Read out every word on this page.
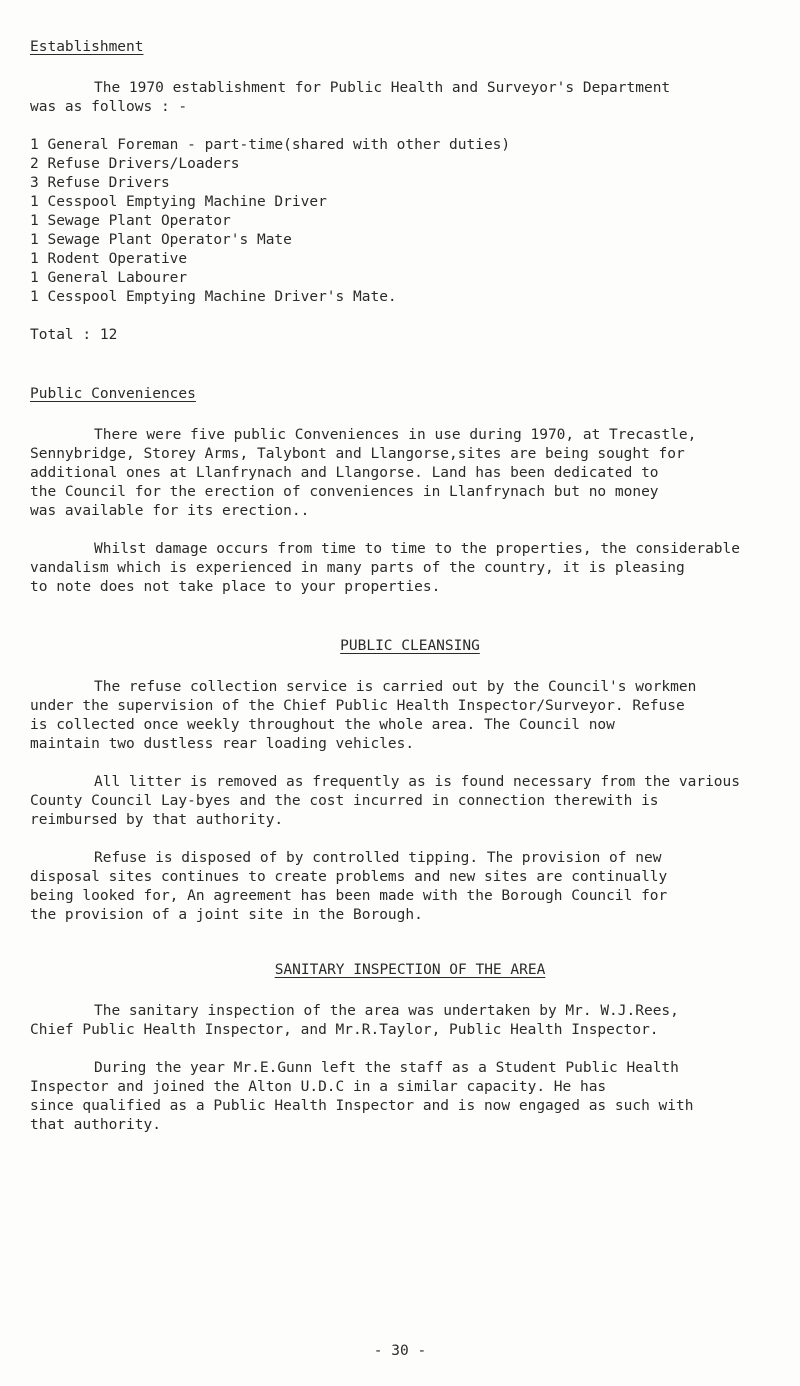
Establishment

The 1970 establishment for Public Health and Surveyor's Department

was as follows : -

1 General Foreman - part-time(shared with other duties)
2 Refuse Drivers/Loaders
3 Refuse Drivers
1 Cesspool Emptying Machine Driver
1 Sewage Plant Operator
1 Sewage Plant Operator's Mate
1 Rodent Operative
1 General Labourer
1 Cesspool Emptying Machine Driver's Mate.

Total : 12

Public Conveniences

There were five public Conveniences in use during 1970, at Trecastle,

Sennybridge, Storey Arms, Talybont and Llangorse,sites are being sought for

additional ones at Llanfrynach and Llangorse. Land has been dedicated to

the Council for the erection of conveniences in Llanfrynach but no money

was available for its erection..

Whilst damage occurs from time to time to the properties, the considerable

vandalism which is experienced in many parts of the country, it is pleasing

to note does not take place to your properties.

PUBLIC CLEANSING

The refuse collection service is carried out by the Council's workmen

under the supervision of the Chief Public Health Inspector/Surveyor. Refuse

is collected once weekly throughout the whole area. The Council now

maintain two dustless rear loading vehicles.

All litter is removed as frequently as is found necessary from the various

County Council Lay-byes and the cost incurred in connection therewith is

reimbursed by that authority.

Refuse is disposed of by controlled tipping. The provision of new

disposal sites continues to create problems and new sites are continually

being looked for, An agreement has been made with the Borough Council for

the provision of a joint site in the Borough.

SANITARY INSPECTION OF THE AREA

The sanitary inspection of the area was undertaken by Mr. W.J.Rees,

Chief Public Health Inspector, and Mr.R.Taylor, Public Health Inspector.

During the year Mr.E.Gunn left the staff as a Student Public Health

Inspector and joined the Alton U.D.C in a similar capacity. He has

since qualified as a Public Health Inspector and is now engaged as such with

that authority.

- 30 -
